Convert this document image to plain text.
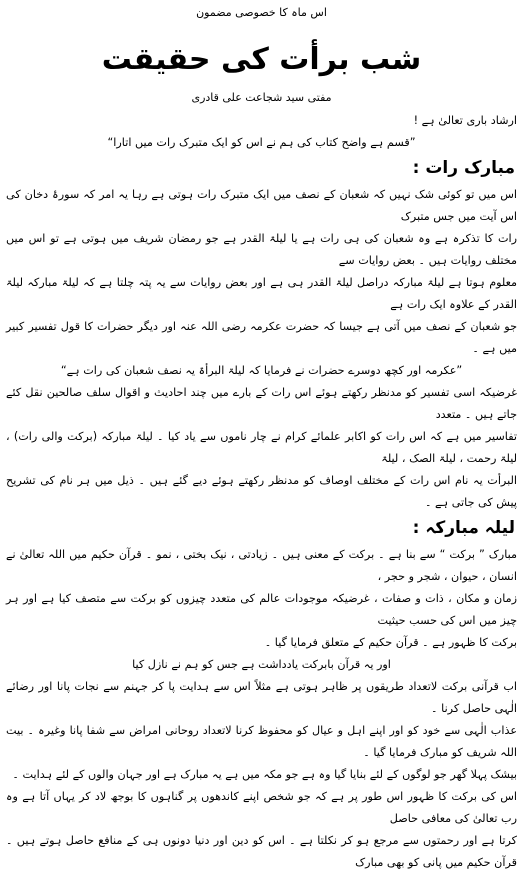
اس ماہ کا خصوصی مضمون
شب برأت کی حقیقت
مفتی سید شجاعت علی قادری

ارشاد باری تعالیٰ ہے !

”قسم ہے واضح کتاب کی ہم نے اس کو ایک متبرک رات میں اتارا“

مبارک رات :

اس میں تو کوئی شک نہیں کہ شعبان کے نصف میں ایک متبرک رات ہوتی ہے رہا یہ امر کہ سورۂ دخان کی اس آیت میں جس متبرک

رات کا تذکرہ ہے وہ شعبان کی ہی رات ہے یا لیلۃ القدر ہے جو رمضان شریف میں ہوتی ہے تو اس میں مختلف روایات ہیں ۔ بعض روایات سے

معلوم ہوتا ہے لیلۃ مبارکہ دراصل لیلۃ القدر ہی ہے اور بعض روایات سے یہ پتہ چلتا ہے کہ لیلۃ مبارکہ لیلۃ القدر کے علاوہ ایک رات ہے

جو شعبان کے نصف میں آتی ہے جیسا کہ حضرت عکرمہ رضی اللہ عنہ اور دیگر حضرات کا قول تفسیر کبیر میں ہے ۔

”عکرمہ اور کچھ دوسرے حضرات نے فرمایا کہ لیلۃ البرأۃ یہ نصف شعبان کی رات ہے“

غرضیکہ اسی تفسیر کو مدنظر رکھتے ہوئے اس رات کے بارے میں چند احادیث و اقوال سلف صالحین نقل کئے جاتے ہیں ۔ متعدد

تفاسیر میں ہے کہ اس رات کو اکابر علمائے کرام نے چار ناموں سے یاد کیا ۔ لیلۃ مبارکہ (برکت والی رات) ، لیلۃ رحمت ، لیلۃ الصک ، لیلۃ

البرأت یہ نام اس رات کے مختلف اوصاف کو مدنظر رکھتے ہوئے دیے گئے ہیں ۔ ذیل میں ہر نام کی تشریح پیش کی جاتی ہے ۔

لیلہ مبارکہ :

مبارک ” برکت “ سے بنا ہے ۔ برکت کے معنی ہیں ۔ زیادتی ، نیک بختی ، نمو ۔ قرآن حکیم میں اللہ تعالیٰ نے انسان ، حیوان ، شجر و حجر ،

زمان و مکان ، ذات و صفات ، غرضیکہ موجودات عالم کی متعدد چیزوں کو برکت سے متصف کیا ہے اور ہر چیز میں اس کی حسب حیثیت

برکت کا ظہور ہے ۔ قرآن حکیم کے متعلق فرمایا گیا ۔

اور یہ قرآن بابرکت یادداشت ہے جس کو ہم نے نازل کیا

اب قرآنی برکت لاتعداد طریقوں پر ظاہر ہوتی ہے مثلاً اس سے ہدایت پا کر جہنم سے نجات پانا اور رضائے الٰہی حاصل کرنا ۔

عذاب الٰہی سے خود کو اور اپنے اہل و عیال کو محفوظ کرنا لاتعداد روحانی امراض سے شفا پانا وغیرہ ۔ بیت اللہ شریف کو مبارک فرمایا گیا ۔

بیشک پہلا گھر جو لوگوں کے لئے بنایا گیا وہ ہے جو مکہ میں ہے یہ مبارک ہے اور جہان والوں کے لئے ہدایت ۔

اس کی برکت کا ظہور اس طور پر ہے کہ جو شخص اپنے کاندھوں پر گناہوں کا بوجھ لاد کر یہاں آتا ہے وہ رب تعالیٰ کی معافی حاصل

کرتا ہے اور رحمتوں سے مرجع ہو کر نکلتا ہے ۔ اس کو دین اور دنیا دونوں ہی کے منافع حاصل ہوتے ہیں ۔ قرآن حکیم میں پانی کو بھی مبارک
